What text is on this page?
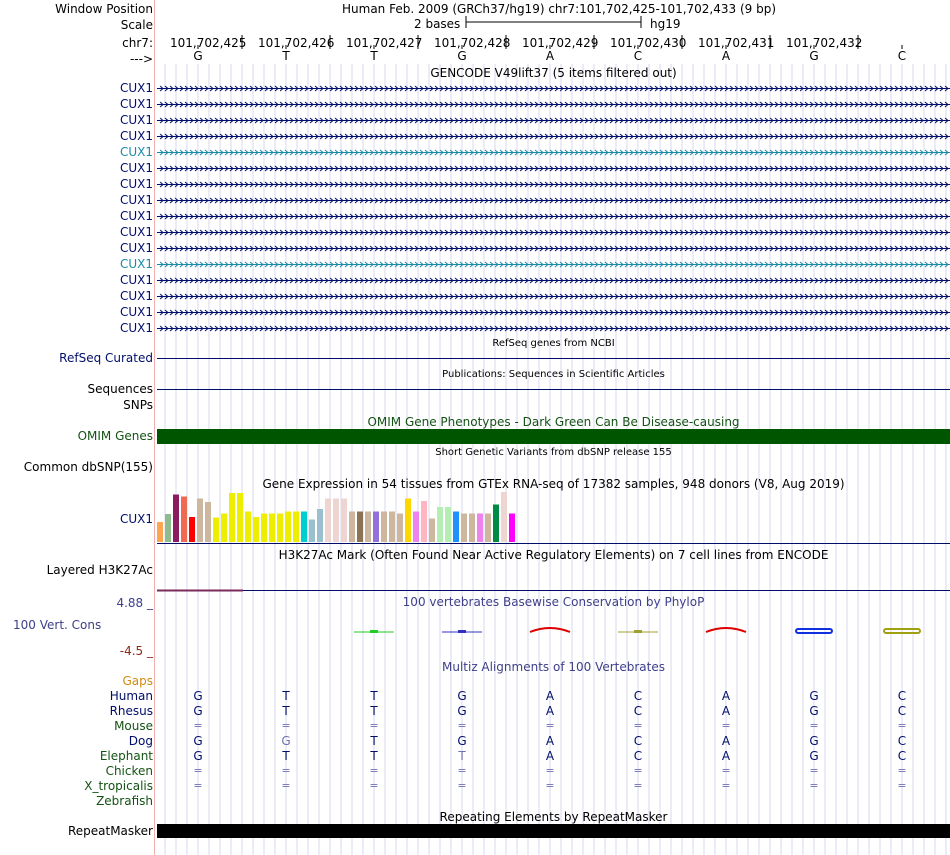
Window Position	Human Feb. 2009 (GRCh37/hg19) chr7:101,702,425-101,702,433 (9 bp)
Scale	2 bases	hg19
chr7:
--->
101,702,425 101,702,426 101,702,427 101,702,428 101,702,429 101,702,430 101,702,431 101,702,432
G	T	T	G	A	C	A	G	C
GENCODE V49lift37 (5 items filtered out)
CUX1
CUX1
CUX1
CUX1
CUX1
CUX1
CUX1
CUX1
CUX1
CUX1
CUX1
CUX1
CUX1
CUX1
CUX1
CUX1
RefSeq genes from NCBI
RefSeq Curated
Publications: Sequences in Scientific Articles
Sequences
SNPs
OMIM Gene Phenotypes - Dark Green Can Be Disease-causing
OMIM Genes
Short Genetic Variants from dbSNP release 155
Common dbSNP(155)
Gene Expression in 54 tissues from GTEx RNA-seq of 17382 samples, 948 donors (V8, Aug 2019)
CUX1
H3K27Ac Mark (Often Found Near Active Regulatory Elements) on 7 cell lines from ENCODE
Layered H3K27Ac
4.88 _	100 vertebrates Basewise Conservation by PhyloP
100 Vert. Cons
-4.5 _
Multiz Alignments of 100 Vertebrates
Gaps
Human	G	T	T	G	A	C	A	G	C
Rhesus	G	T	T	G	A	C	A	G	C
Mouse	=	=	=	=	=	=	=	=	=
Dog	G	G	T	G	A	C	A	G	C
Elephant	G	T	T	T	A	C	A	G	C
Chicken	=	=	=	=	=	=	=	=	=
X_tropicalis	=	=	=	=	=	=	=	=	=
Zebrafish
Repeating Elements by RepeatMasker
RepeatMasker
